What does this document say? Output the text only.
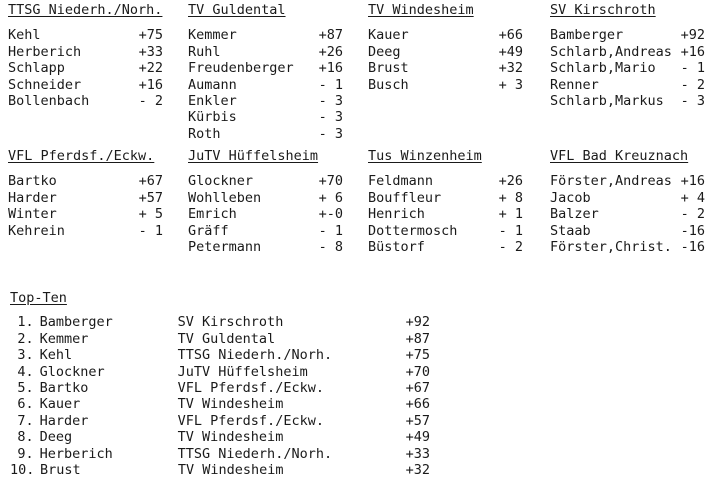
TTSG Niederh./Norh.
Kehl	+75
Herberich	+33
Schlapp	+22
Schneider	+16
Bollenbach	- 2
TV Guldental
Kemmer	+87
Ruhl	+26
Freudenberger +16
Aumann	- 1
Enkler	- 3
Kürbis	- 3
Roth	- 3
TV Windesheim
Kauer	+66
Deeg	+49
Brust	+32
Busch	+ 3
SV Kirschroth
Bamberger	+92
Schlarb,Andreas +16
Schlarb,Mario - 1
Renner	- 2
Schlarb,Markus - 3
VFL Pferdsf./Eckw.
Bartko	+67
Harder	+57
Winter	+ 5
Kehrein	- 1
JuTV Hüffelsheim
Glockner	+70
Wohlleben	+ 6
Emrich	+-0
Gräff	- 1
Petermann	- 8
Tus Winzenheim
Feldmann	+26
Bouffleur	+ 8
Henrich	+ 1
Dottermosch	- 1
Büstorf	- 2
VFL Bad Kreuznach
Förster,Andreas +16
Jacob	+ 4
Balzer	- 2
Staab	-16
Förster,Christ. -16
Top-Ten
1. Bamberger	SV Kirschroth	+92
2. Kemmer	TV Guldental	+87
3. Kehl	TTSG Niederh./Norh.	+75
4. Glockner	JuTV Hüffelsheim	+70
5. Bartko	VFL Pferdsf./Eckw.	+67
6. Kauer	TV Windesheim	+66
7. Harder	VFL Pferdsf./Eckw.	+57
8. Deeg	TV Windesheim	+49
9. Herberich	TTSG Niederh./Norh.	+33
10. Brust	TV Windesheim	+32
